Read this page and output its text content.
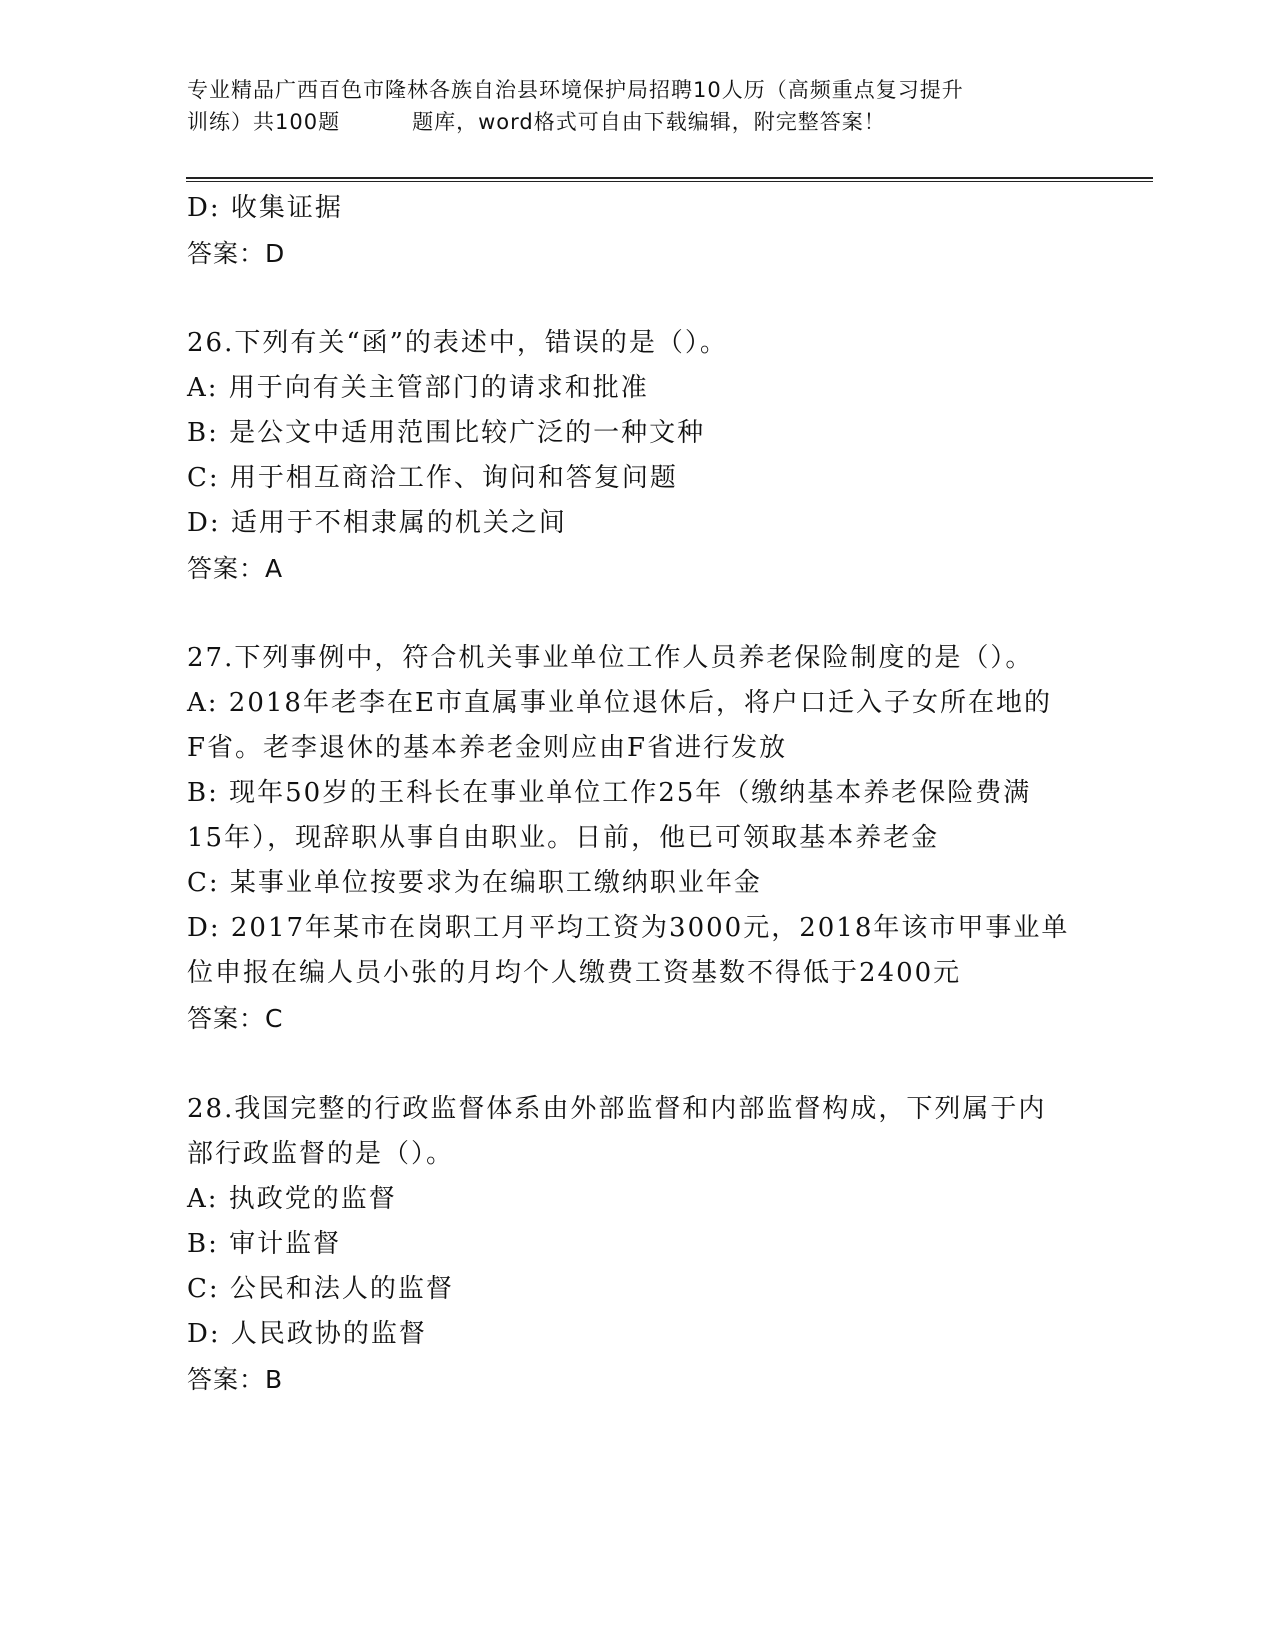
专业精品广西百色市隆林各族自治县环境保护局招聘10人历（高频重点复习提升
训练）共100题	题库，word格式可自由下载编辑，附完整答案！
D: 收集证据
答案：D
26.下列有关“函”的表述中，错误的是（）。
A: 用于向有关主管部门的请求和批准
B: 是公文中适用范围比较广泛的一种文种
C: 用于相互商洽工作、询问和答复问题
D: 适用于不相隶属的机关之间
答案：A
27.下列事例中，符合机关事业单位工作人员养老保险制度的是（）。
A: 2018年老李在E市直属事业单位退休后，将户口迁入子女所在地的
F省。老李退休的基本养老金则应由F省进行发放
B: 现年50岁的王科长在事业单位工作25年（缴纳基本养老保险费满
15年），现辞职从事自由职业。日前，他已可领取基本养老金
C: 某事业单位按要求为在编职工缴纳职业年金
D: 2017年某市在岗职工月平均工资为3000元，2018年该市甲事业单
位申报在编人员小张的月均个人缴费工资基数不得低于2400元
答案：C
28.我国完整的行政监督体系由外部监督和内部监督构成，下列属于内
部行政监督的是（）。
A: 执政党的监督
B: 审计监督
C: 公民和法人的监督
D: 人民政协的监督
答案：B
